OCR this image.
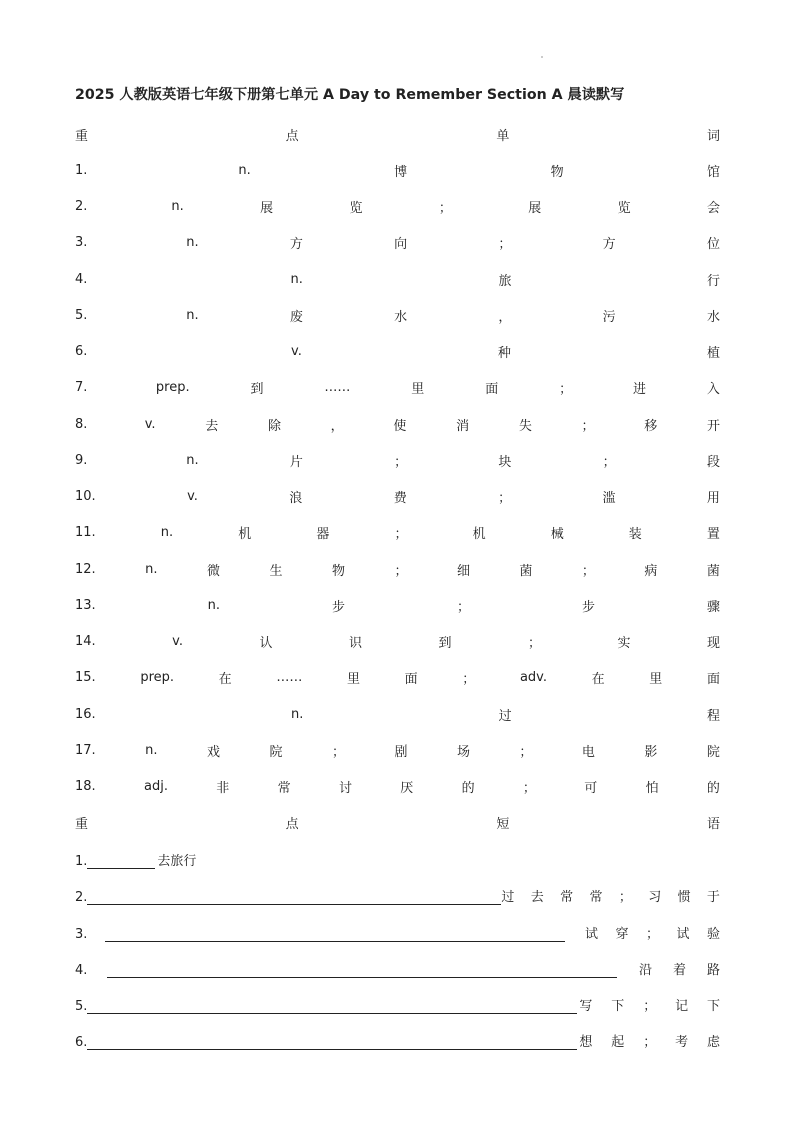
2025 人教版英语七年级下册第七单元 A Day to Remember Section A 晨读默写
重	点	单	词
1.	n.	博	物	馆
2.	n.	展	览	；	展	览	会
3.	n.	方	向	；	方	位
4.	n.	旅	行
5.	n.	废	水	，	污	水
6.	v.	种	植
7.	prep.	到	……	里	面	；	进	入
8.	v.	去	除	，	使	消	失	；	移	开
9.	n.	片	；	块	；	段
10.	v.	浪	费	；	滥	用
11.	n.	机	器	；	机	械	装	置
12.	n.	微	生	物	；	细	菌	；	病	菌
13.	n.	步	；	步	骤
14.	v.	认	识	到	；	实	现
15.	prep.	在	……	里	面	；	adv.	在	里	面
16.	n.	过	程
17.	n.	戏	院	；	剧	场	；	电	影	院
18.	adj.	非	常	讨	厌	的	；	可	怕	的
重	点	短	语
1.	去旅行
2.	过 去 常 常 ； 习 惯 于
3.	试 穿 ； 试 验
4.	沿 着 路
5.	写 下 ； 记 下
6.	想 起 ； 考 虑
